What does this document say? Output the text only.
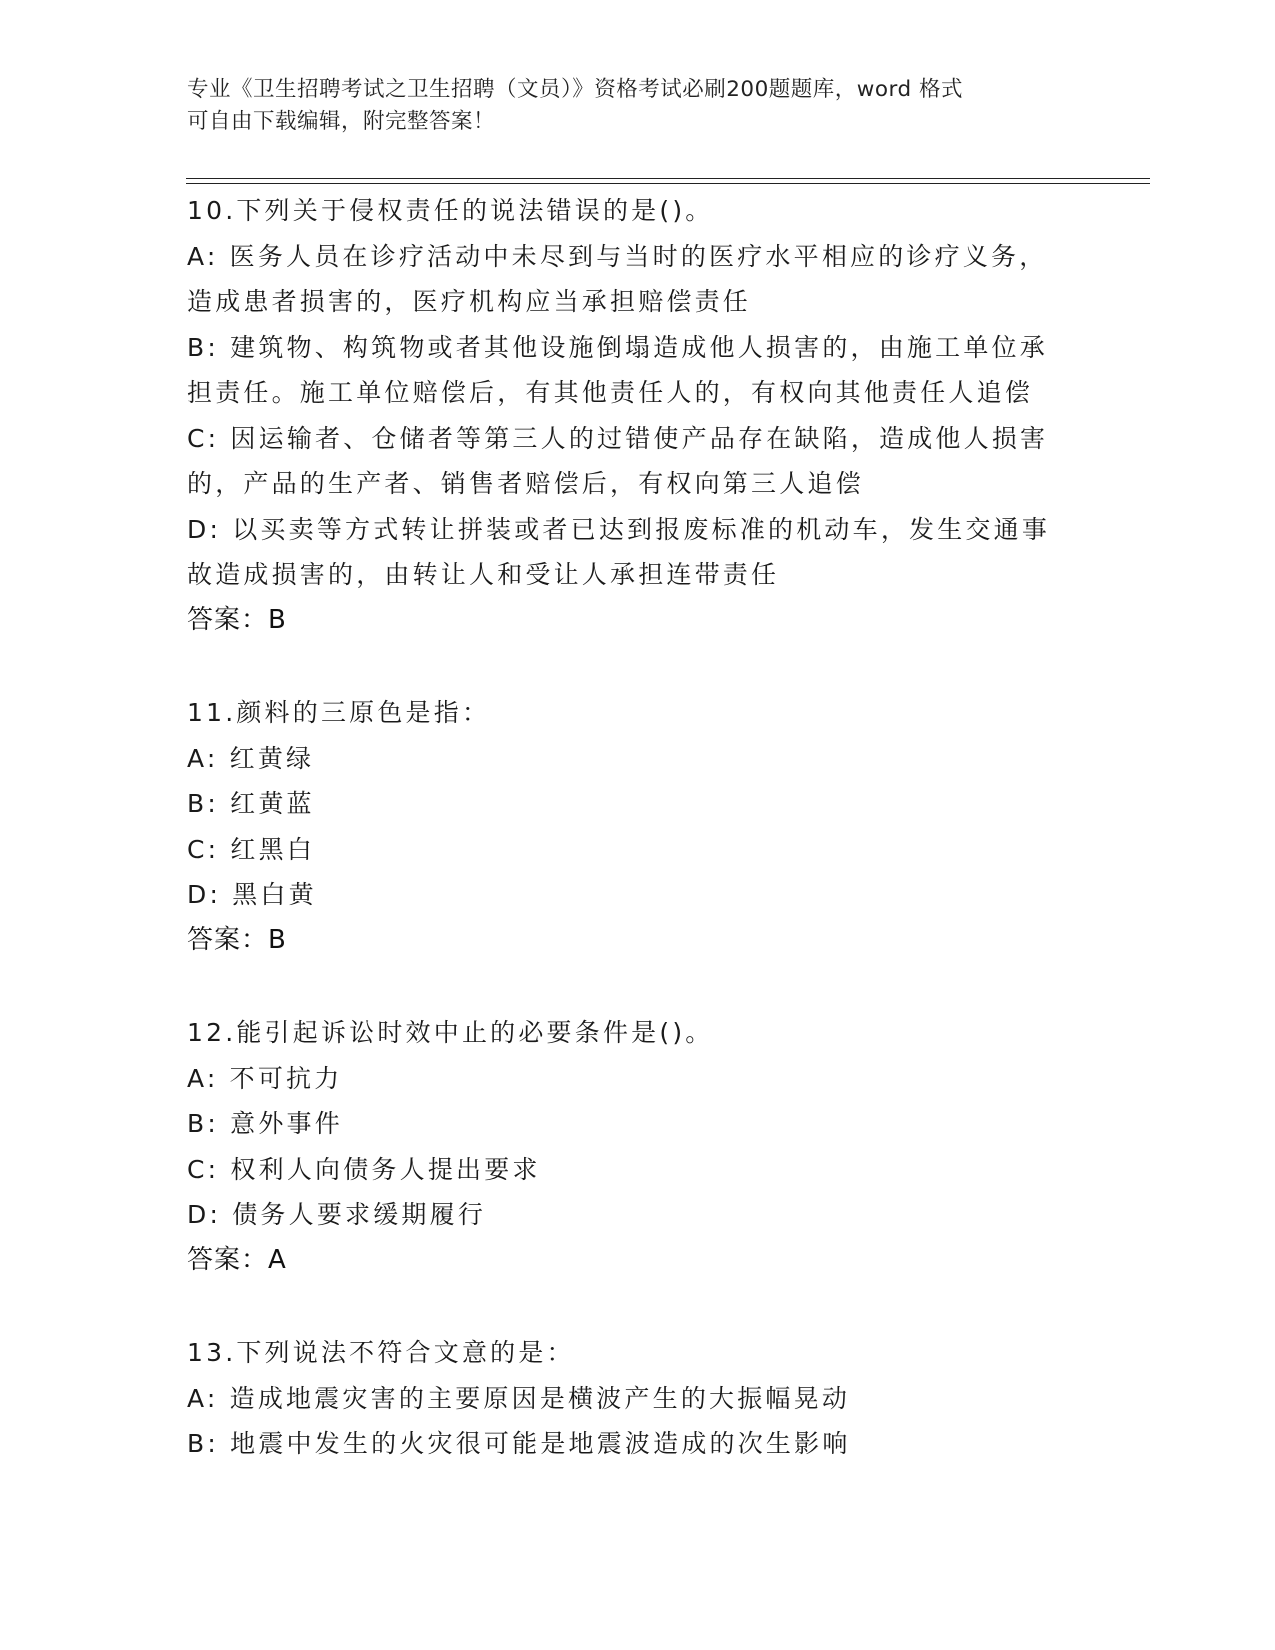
专业《卫生招聘考试之卫生招聘（文员）》资格考试必刷200题题库，word 格式
可自由下载编辑，附完整答案！
10.下列关于侵权责任的说法错误的是()。
A: 医务人员在诊疗活动中未尽到与当时的医疗水平相应的诊疗义务，
造成患者损害的，医疗机构应当承担赔偿责任
B: 建筑物、构筑物或者其他设施倒塌造成他人损害的，由施工单位承
担责任。施工单位赔偿后，有其他责任人的，有权向其他责任人追偿
C: 因运输者、仓储者等第三人的过错使产品存在缺陷，造成他人损害
的，产品的生产者、销售者赔偿后，有权向第三人追偿
D: 以买卖等方式转让拼装或者已达到报废标准的机动车，发生交通事
故造成损害的，由转让人和受让人承担连带责任
答案：B
11.颜料的三原色是指：
A: 红黄绿
B: 红黄蓝
C: 红黑白
D: 黑白黄
答案：B
12.能引起诉讼时效中止的必要条件是()。
A: 不可抗力
B: 意外事件
C: 权利人向债务人提出要求
D: 债务人要求缓期履行
答案：A
13.下列说法不符合文意的是：
A: 造成地震灾害的主要原因是横波产生的大振幅晃动
B: 地震中发生的火灾很可能是地震波造成的次生影响
